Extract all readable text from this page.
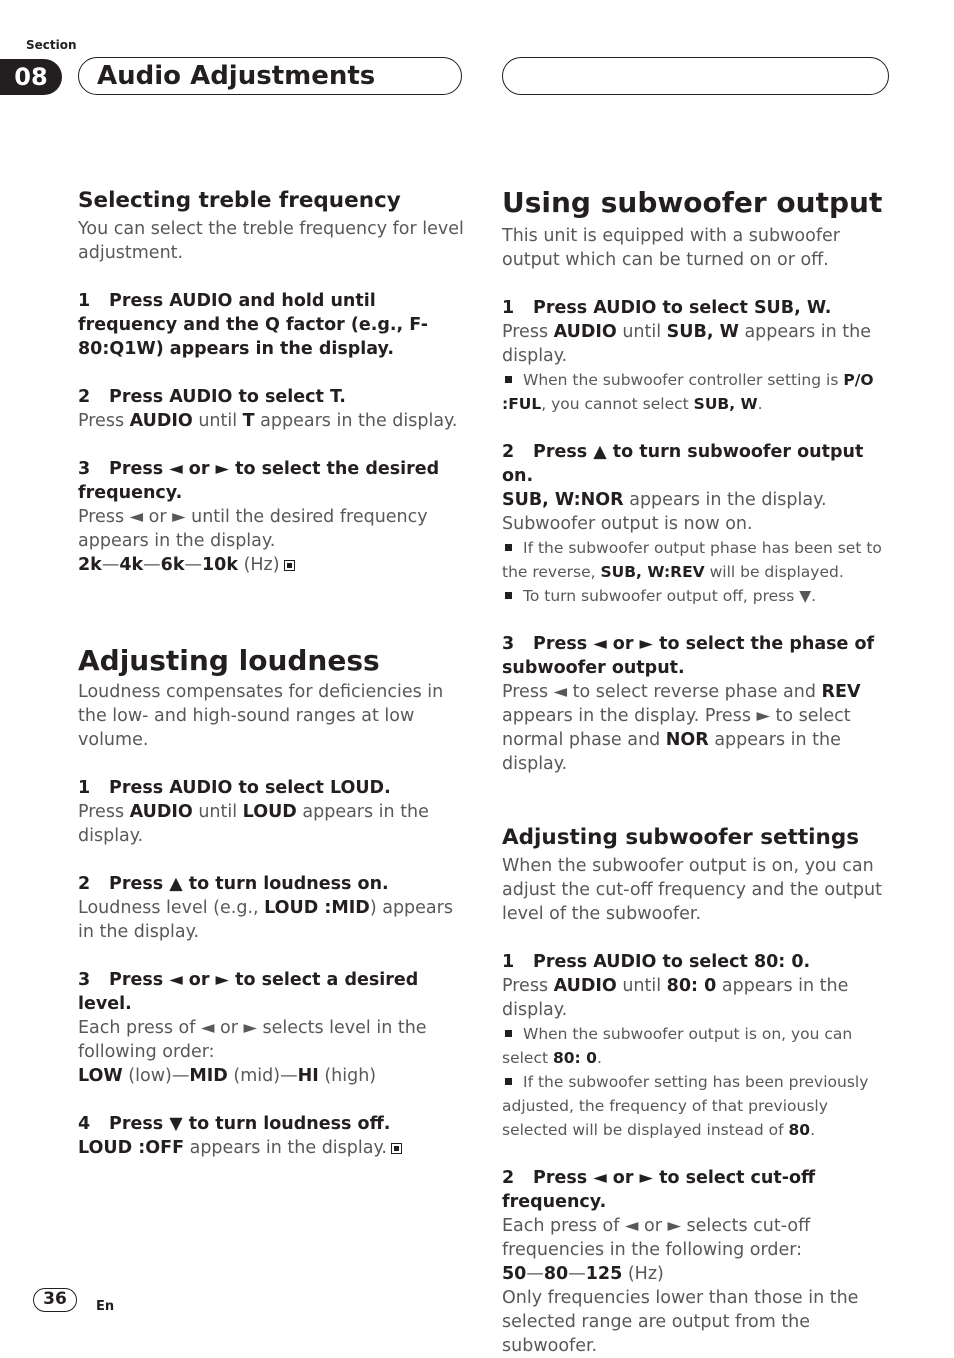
Section
08	Audio Adjustments

Selecting treble frequency

You can select the treble frequency for level adjustment.

1 Press AUDIO and hold until frequency and the Q factor (e.g., F- 80:Q1W) appears in the display.

2 Press AUDIO to select T.

Press AUDIO until T appears in the display.

3 Press ◄ or ► to select the desired frequency.

Press ◄ or ► until the desired frequency appears in the display.

2k—4k—6k—10k (Hz)

Adjusting loudness

Loudness compensates for deficiencies in the low- and high-sound ranges at low volume.

1 Press AUDIO to select LOUD.

Press AUDIO until LOUD appears in the display.

2 Press ▲ to turn loudness on.

Loudness level (e.g., LOUD :MID) appears in the display.

3 Press ◄ or ► to select a desired level.

Each press of ◄ or ► selects level in the following order:

LOW (low)—MID (mid)—HI (high)

4 Press ▼ to turn loudness off.

LOUD :OFF appears in the display.

Using subwoofer output

This unit is equipped with a subwoofer output which can be turned on or off.

1 Press AUDIO to select SUB, W.

Press AUDIO until SUB, W appears in the display.

When the subwoofer controller setting is P/O :FUL, you cannot select SUB, W.

2 Press ▲ to turn subwoofer output on.

SUB, W:NOR appears in the display. Subwoofer output is now on.

If the subwoofer output phase has been set to the reverse, SUB, W:REV will be displayed.

To turn subwoofer output off, press ▼.

3 Press ◄ or ► to select the phase of subwoofer output.

Press ◄ to select reverse phase and REV appears in the display. Press ► to select normal phase and NOR appears in the display.

Adjusting subwoofer settings

When the subwoofer output is on, you can adjust the cut-off frequency and the output level of the subwoofer.

1 Press AUDIO to select 80: 0.

Press AUDIO until 80: 0 appears in the display.

When the subwoofer output is on, you can select 80: 0.

If the subwoofer setting has been previously adjusted, the frequency of that previously selected will be displayed instead of 80.

2 Press ◄ or ► to select cut-off frequency.

Each press of ◄ or ► selects cut-off frequencies in the following order:

50—80—125 (Hz)

Only frequencies lower than those in the selected range are output from the subwoofer.

36	En
